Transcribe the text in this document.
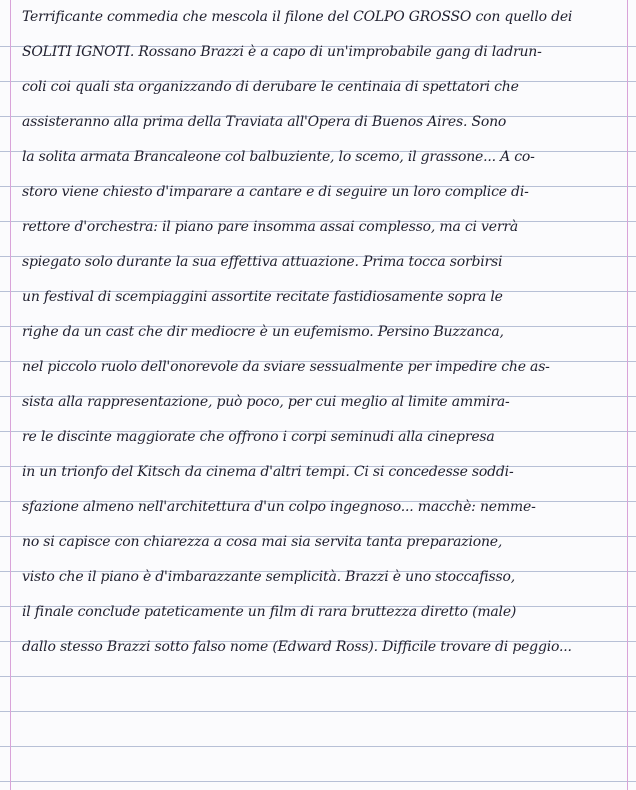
Terrificante commedia che mescola il filone del COLPO GROSSO con quello dei
SOLITI IGNOTI. Rossano Brazzi è a capo di un'improbabile gang di ladrun-
coli coi quali sta organizzando di derubare le centinaia di spettatori che
assisteranno alla prima della Traviata all'Opera di Buenos Aires. Sono
la solita armata Brancaleone col balbuziente, lo scemo, il grassone... A co-
storo viene chiesto d'imparare a cantare e di seguire un loro complice di-
rettore d'orchestra: il piano pare insomma assai complesso, ma ci verrà
spiegato solo durante la sua effettiva attuazione. Prima tocca sorbirsi
un festival di scempiaggini assortite recitate fastidiosamente sopra le
righe da un cast che dir mediocre è un eufemismo. Persino Buzzanca,
nel piccolo ruolo dell'onorevole da sviare sessualmente per impedire che as-
sista alla rappresentazione, può poco, per cui meglio al limite ammira-
re le discinte maggiorate che offrono i corpi seminudi alla cinepresa
in un trionfo del Kitsch da cinema d'altri tempi. Ci si concedesse soddi-
sfazione almeno nell'architettura d'un colpo ingegnoso... macchè: nemme-
no si capisce con chiarezza a cosa mai sia servita tanta preparazione,
visto che il piano è d'imbarazzante semplicità. Brazzi è uno stoccafisso,
il finale conclude pateticamente un film di rara bruttezza diretto (male)
dallo stesso Brazzi sotto falso nome (Edward Ross). Difficile trovare di peggio...
